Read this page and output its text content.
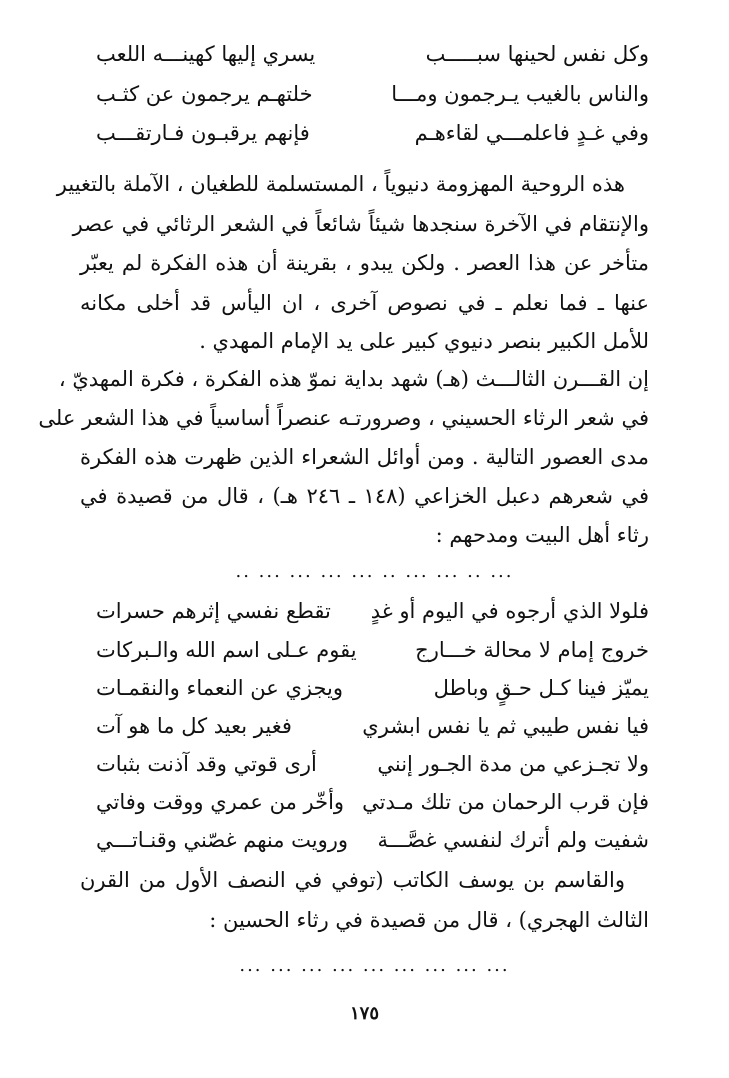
وكل نفس لحينها سبـــــب
يسري إليها كهينـــه اللعب
والناس بالغيب يـرجمون ومـــا
خلتهـم يرجمون عن كثـب
وفي غـدٍ فاعلمـــي لقاءهـم
فإنهم يرقبـون فـارتقـــب
هذه الروحية المهزومة دنيوياً ، المستسلمة للطغيان ، الآملة بالتغيير
والإنتقام في الآخرة سنجدها شيئاً شائعاً في الشعر الرثائي في عصر
متأخر عن هذا العصر . ولكن يبدو ، بقرينة أن هذه الفكرة لم يعبّر
عنها ـ فما نعلم ـ في نصوص آخرى ، ان اليأس قد أخلى مكانه
للأمل الكبير بنصر دنيوي كبير على يد الإمام المهدي .
إن القـــرن الثالـــث (هـ) شهد بداية نموّ هذه الفكرة ، فكرة المهديّ ،
في شعر الرثاء الحسيني ، وصرورتـه عنصراً أساسياً في هذا الشعر على
مدى العصور التالية . ومن أوائل الشعراء الذين ظهرت هذه الفكرة
في شعرهم دعبل الخزاعي (١٤٨ ـ ٢٤٦ هـ) ، قال من قصيدة في
رثاء أهل البيت ومدحهم :
... .. ... ... .. ... ... ... ... ..
فلولا الذي أرجوه في اليوم أو غدٍ
تقطع نفسي إثرهم حسرات
خروج إمام لا محالة خـــارج
يقوم عـلى اسم الله والـبركات
يميّز فينا كـل حـقٍ وباطل
ويجزي عن النعماء والنقمـات
فيا نفس طيبي ثم يا نفس ابشري
فغير بعيد كل ما هو آت
ولا تجـزعي من مدة الجـور إنني
أرى قوتي وقد آذنت بثبات
فإن قرب الرحمان من تلك مـدتي
وأخّر من عمري ووقت وفاتي
شفيت ولم أترك لنفسي غصَّـــة
ورويت منهم غصّني وقنـاتـــي
والقاسم بن يوسف الكاتب (توفي في النصف الأول من القرن
الثالث الهجري) ، قال من قصيدة في رثاء الحسين :
... ... ... ... ... ... ... ... ...
١٧٥
